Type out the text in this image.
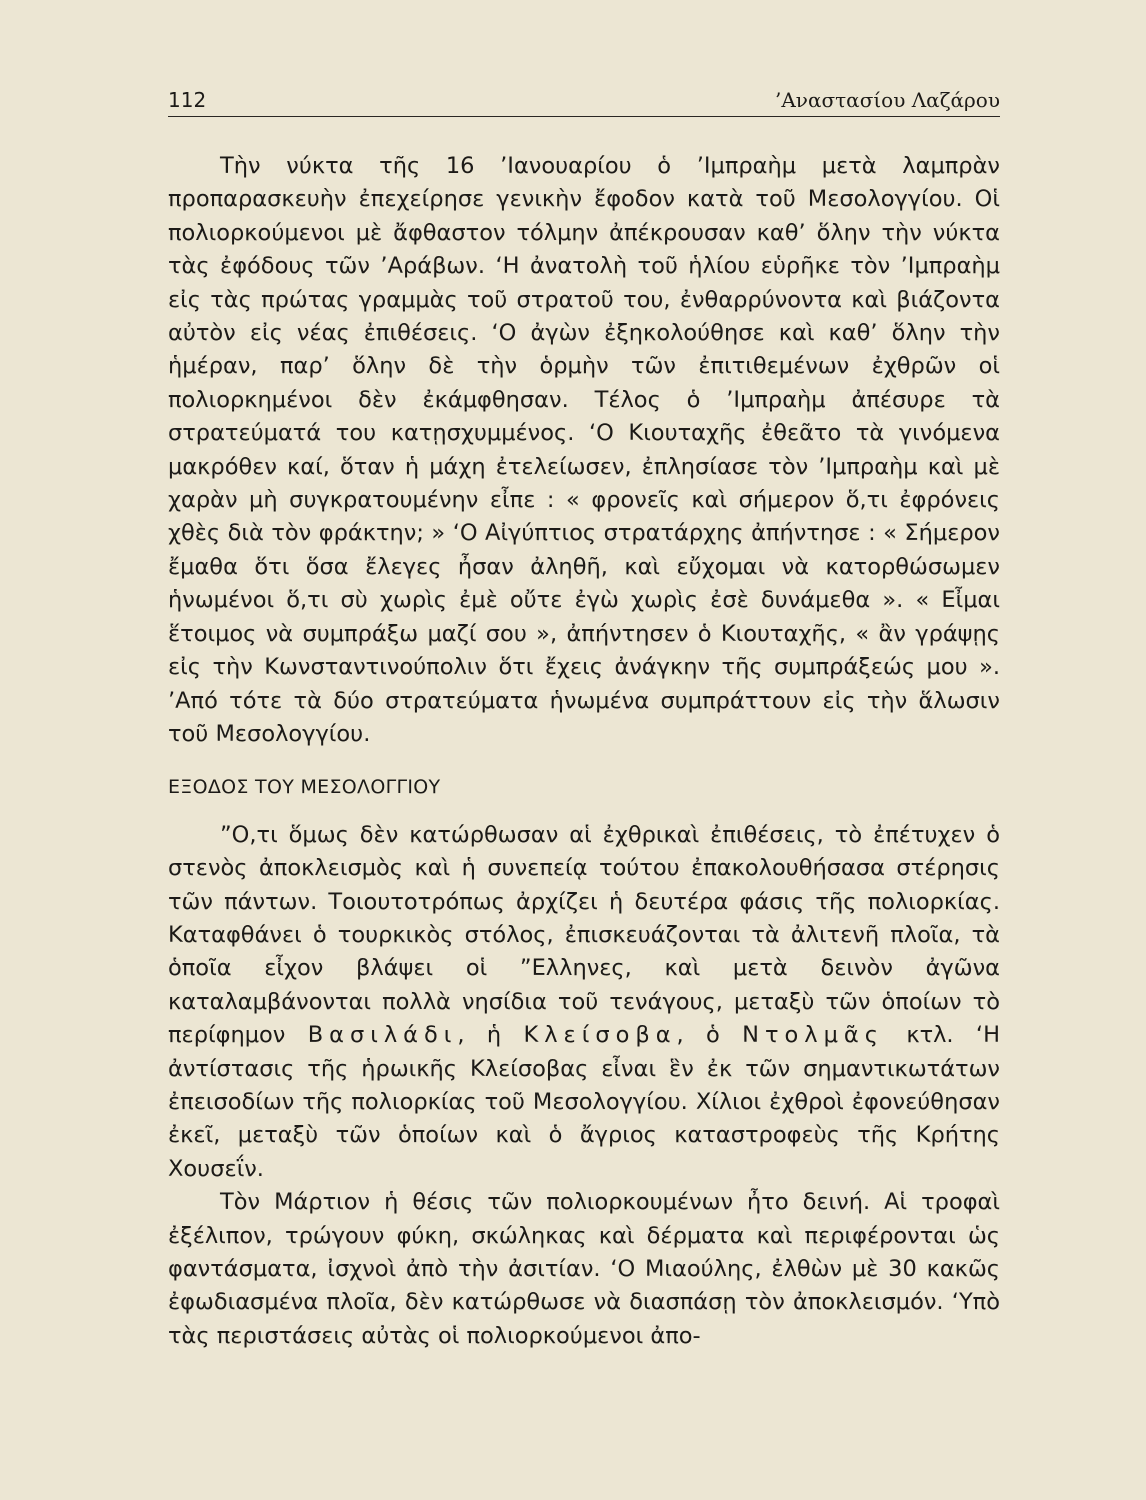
112	’Αναστασίου Λαζάρου

Τὴν νύκτα τῆς 16 ’Ιανουαρίου ὁ ’Ιμπραὴμ μετὰ λαμπρὰν προπαρασκευὴν ἐπεχείρησε γενικὴν ἔφοδον κατὰ τοῦ Μεσολογγίου. Οἱ πολιορκούμενοι μὲ ἄφθαστον τόλμην ἀπέκρουσαν καθ’ ὅλην τὴν νύκτα τὰς ἐφόδους τῶν ’Αράβων. ‘Η ἀνατολὴ τοῦ ἡλίου εὑρῆκε τὸν ’Ιμπραὴμ εἰς τὰς πρώτας γραμμὰς τοῦ στρατοῦ του, ἐνθαρρύνοντα καὶ βιάζοντα αὐτὸν εἰς νέας ἐπιθέσεις. ‘Ο ἀγὼν ἐξηκολούθησε καὶ καθ’ ὅλην τὴν ἡμέραν, παρ’ ὅλην δὲ τὴν ὁρμὴν τῶν ἐπιτιθεμένων ἐχθρῶν οἱ πολιορκημένοι δὲν ἐκάμφθησαν. Τέλος ὁ ’Ιμπραὴμ ἀπέσυρε τὰ στρατεύματά του κατῃσχυμμένος. ‘Ο Κιουταχῆς ἐθεᾶτο τὰ γινόμενα μακρόθεν καί, ὅταν ἡ μάχη ἐτελείωσεν, ἐπλησίασε τὸν ’Ιμπραὴμ καὶ μὲ χαρὰν μὴ συγκρατουμένην εἶπε : « φρονεῖς καὶ σήμερον ὅ,τι ἐφρόνεις χθὲς διὰ τὸν φράκτην; » ‘Ο Αἰγύπτιος στρατάρχης ἀπήντησε : « Σήμερον ἔμαθα ὅτι ὅσα ἔλεγες ἦσαν ἀληθῆ, καὶ εὔχομαι νὰ κατορθώσωμεν ἡνωμένοι ὅ,τι σὺ χωρὶς ἐμὲ οὔτε ἐγὼ χωρὶς ἐσὲ δυνάμεθα ». « Εἶμαι ἕτοιμος νὰ συμπράξω μαζί σου », ἀπήντησεν ὁ Κιουταχῆς, « ἂν γράψῃς εἰς τὴν Κωνσταντινούπολιν ὅτι ἔχεις ἀνάγκην τῆς συμπράξεώς μου ». ’Από τότε τὰ δύο στρατεύματα ἡνωμένα συμπράττουν εἰς τὴν ἅλωσιν τοῦ Μεσολογγίου.

ΕΞΟΔΟΣ ΤΟΥ ΜΕΣΟΛΟΓΓΙΟΥ

”Ο,τι ὅμως δὲν κατώρθωσαν αἱ ἐχθρικαὶ ἐπιθέσεις, τὸ ἐπέτυχεν ὁ στενὸς ἀποκλεισμὸς καὶ ἡ συνεπείᾳ τούτου ἐπακολουθήσασα στέρησις τῶν πάντων. Τοιουτοτρόπως ἀρχίζει ἡ δευτέρα φάσις τῆς πολιορκίας. Καταφθάνει ὁ τουρκικὸς στόλος, ἐπισκευάζονται τὰ ἀλιτενῆ πλοῖα, τὰ ὁποῖα εἶχον βλάψει οἱ ”Ελληνες, καὶ μετὰ δεινὸν ἀγῶνα καταλαμβάνονται πολλὰ νησίδια τοῦ τενάγους, μεταξὺ τῶν ὁποίων τὸ περίφημον Βασιλάδι, ἡ Κλείσοβα, ὁ Ντολμᾶς κτλ. ‘Η ἀντίστασις τῆς ἡρωικῆς Κλείσοβας εἶναι ἓν ἐκ τῶν σημαντικωτάτων ἐπεισοδίων τῆς πολιορκίας τοῦ Μεσολογγίου. Χίλιοι ἐχθροὶ ἐφονεύθησαν ἐκεῖ, μεταξὺ τῶν ὁποίων καὶ ὁ ἄγριος καταστροφεὺς τῆς Κρήτης Χουσεΐν.

Τὸν Μάρτιον ἡ θέσις τῶν πολιορκουμένων ἦτο δεινή. Αἱ τροφαὶ ἐξέλιπον, τρώγουν φύκη, σκώληκας καὶ δέρματα καὶ περιφέρονται ὡς φαντάσματα, ἰσχνοὶ ἀπὸ τὴν ἀσιτίαν. ‘Ο Μιαούλης, ἐλθὼν μὲ 30 κακῶς ἐφωδιασμένα πλοῖα, δὲν κατώρθωσε νὰ διασπάσῃ τὸν ἀποκλεισμόν. ‘Υπὸ τὰς περιστάσεις αὐτὰς οἱ πολιορκούμενοι ἀπο-
